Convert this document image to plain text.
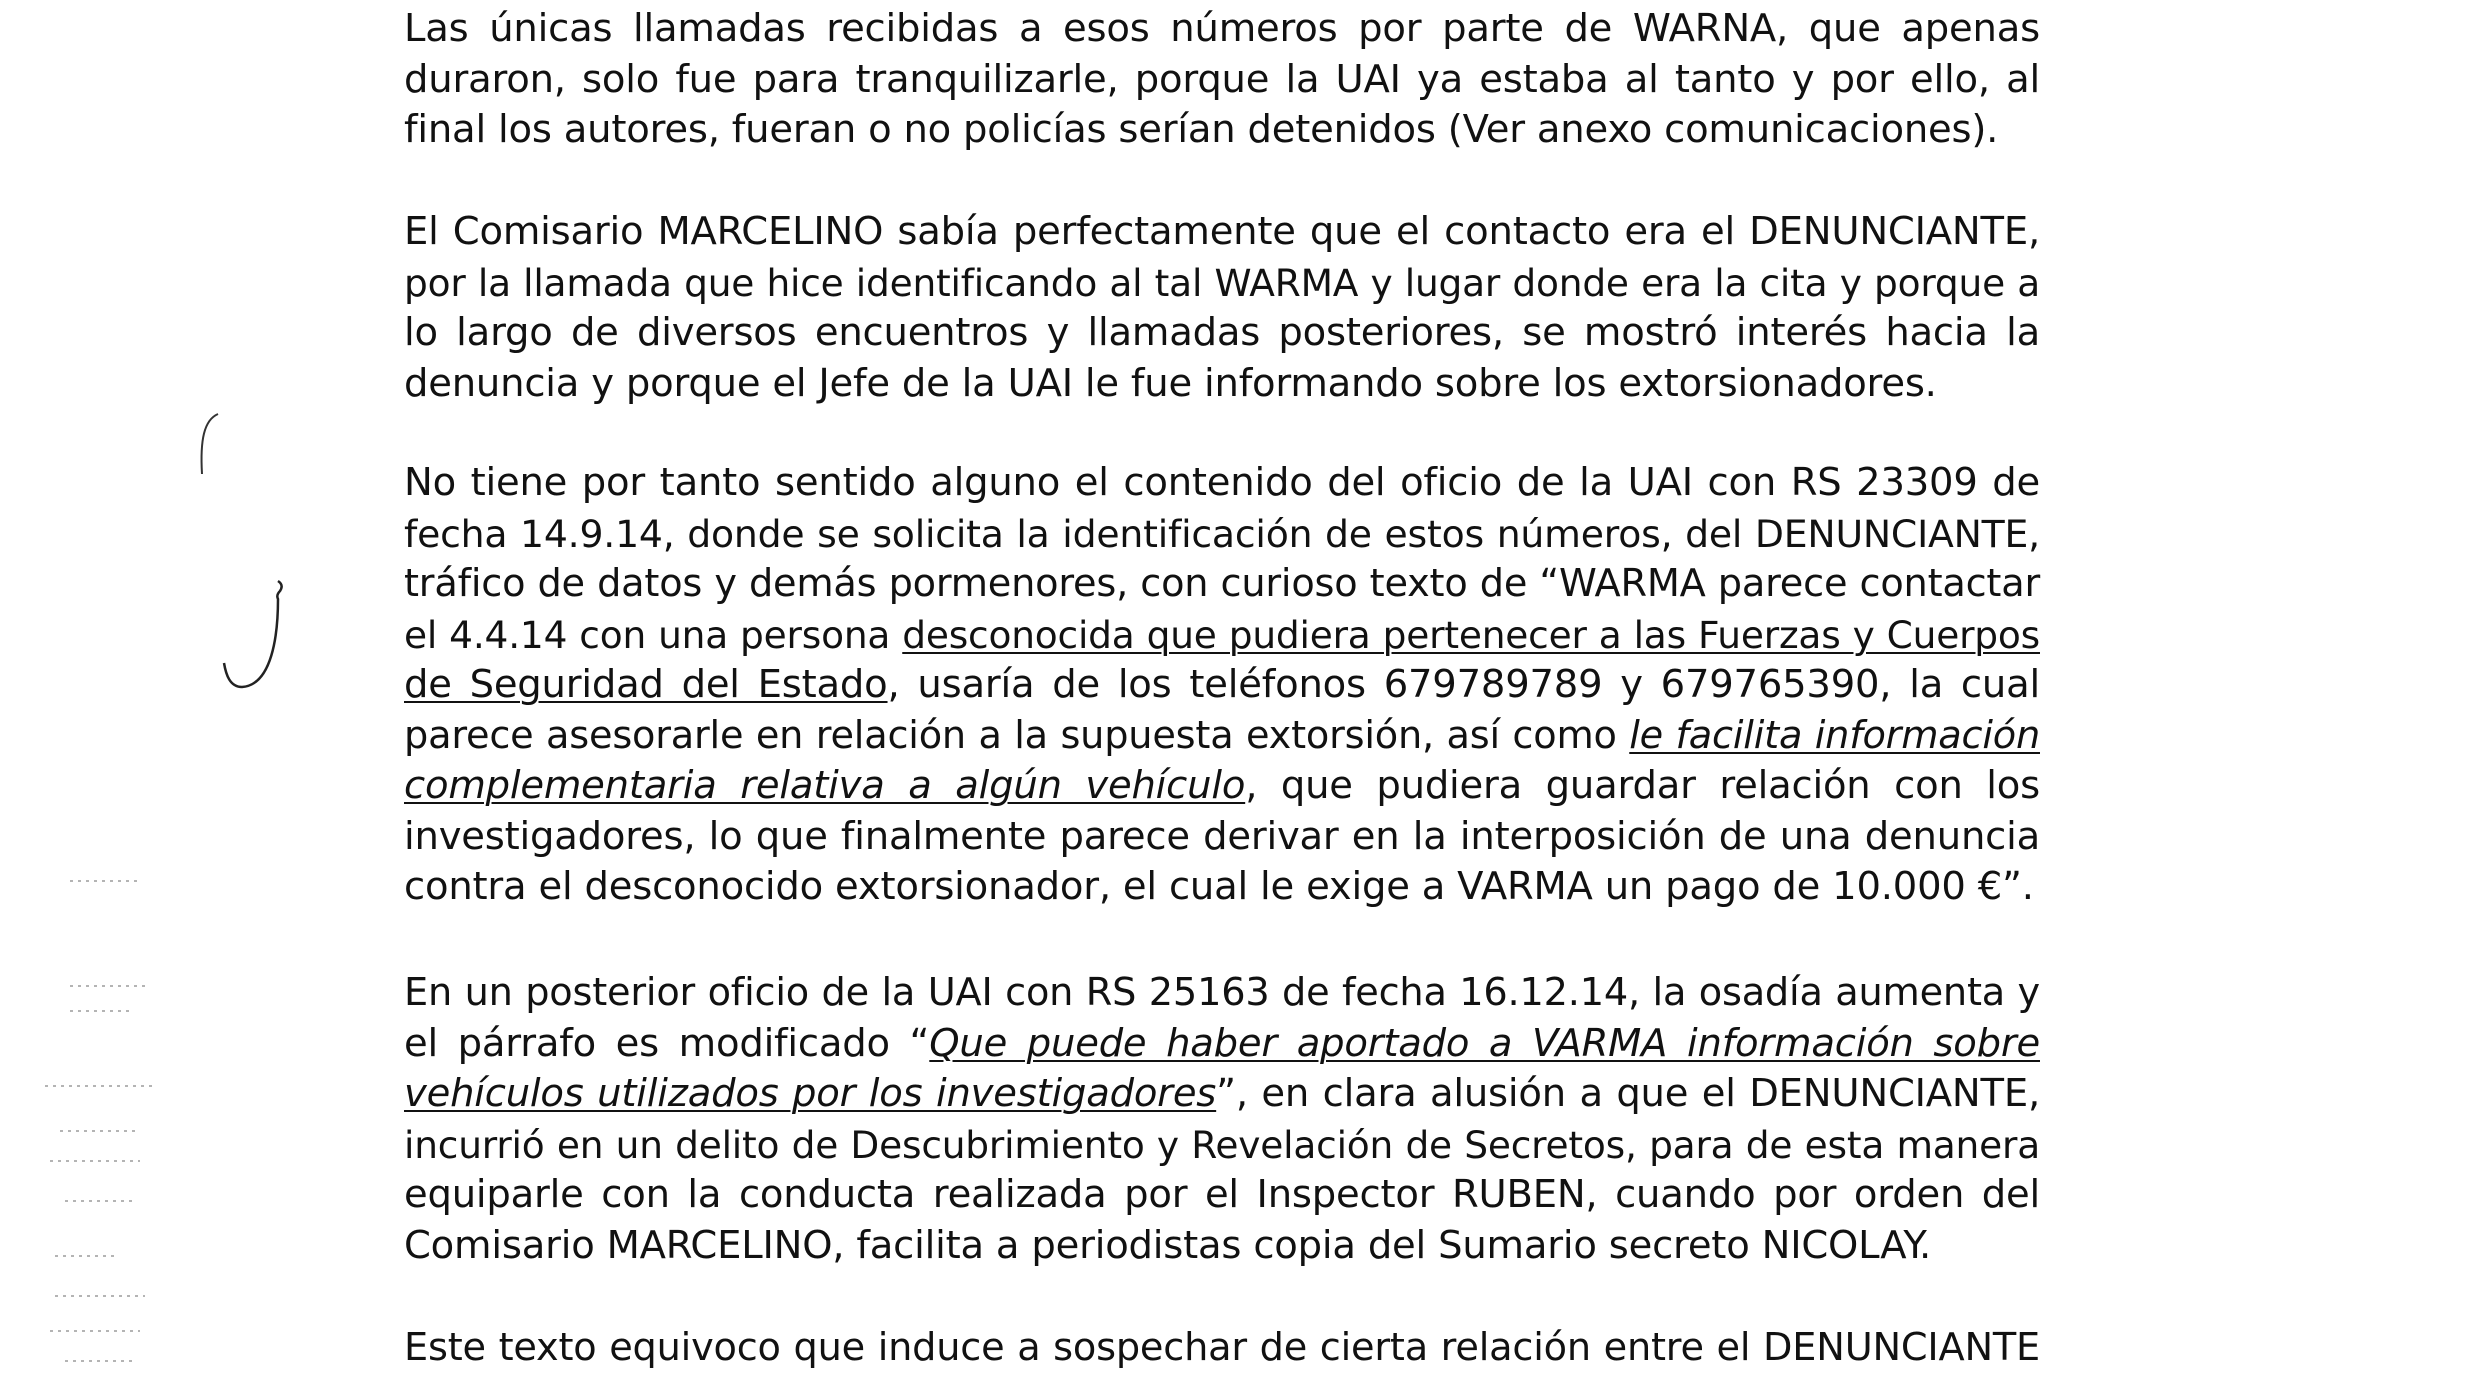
Las únicas llamadas recibidas a esos números por parte de WARNA, que apenas
duraron, solo fue para tranquilizarle, porque la UAI ya estaba al tanto y por ello, al
final los autores, fueran o no policías serían detenidos (Ver anexo comunicaciones).
El Comisario MARCELINO sabía perfectamente que el contacto era el DENUNCIANTE,
por la llamada que hice identificando al tal WARMA y lugar donde era la cita y porque a
lo largo de diversos encuentros y llamadas posteriores, se mostró interés hacia la
denuncia y porque el Jefe de la UAI le fue informando sobre los extorsionadores.
No tiene por tanto sentido alguno el contenido del oficio de la UAI con RS 23309 de
fecha 14.9.14, donde se solicita la identificación de estos números, del DENUNCIANTE,
tráfico de datos y demás pormenores, con curioso texto de “WARMA parece contactar
el 4.4.14 con una persona desconocida que pudiera pertenecer a las Fuerzas y Cuerpos
de Seguridad del Estado, usaría de los teléfonos 679789789 y 679765390, la cual
parece asesorarle en relación a la supuesta extorsión, así como le facilita información
complementaria relativa a algún vehículo, que pudiera guardar relación con los
investigadores, lo que finalmente parece derivar en la interposición de una denuncia
contra el desconocido extorsionador, el cual le exige a VARMA un pago de 10.000 €”.
En un posterior oficio de la UAI con RS 25163 de fecha 16.12.14, la osadía aumenta y
el párrafo es modificado “Que puede haber aportado a VARMA información sobre
vehículos utilizados por los investigadores”, en clara alusión a que el DENUNCIANTE,
incurrió en un delito de Descubrimiento y Revelación de Secretos, para de esta manera
equiparle con la conducta realizada por el Inspector RUBEN, cuando por orden del
Comisario MARCELINO, facilita a periodistas copia del Sumario secreto NICOLAY.
Este texto equivoco que induce a sospechar de cierta relación entre el DENUNCIANTE
